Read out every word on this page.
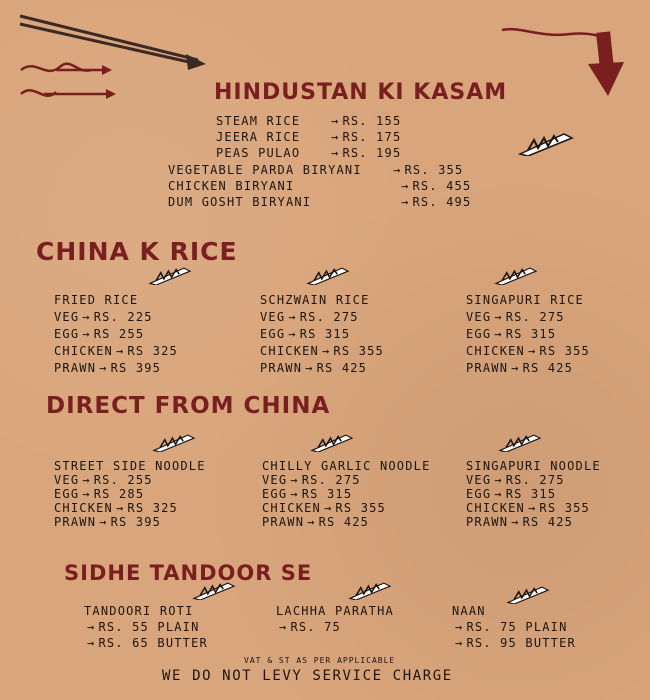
HINDUSTAN KI KASAM
STEAM RICE	→ RS. 155
JEERA RICE	→ RS. 175
PEAS PULAO	→ RS. 195
VEGETABLE PARDA BIRYANI	→ RS. 355
CHICKEN BIRYANI	→ RS. 455
DUM GOSHT BIRYANI	→ RS. 495
CHINA K RICE
FRIED RICE
VEG → RS. 225
EGG → RS 255
CHICKEN → RS 325
PRAWN → RS 395
SCHZWAIN RICE
VEG → RS. 275
EGG → RS 315
CHICKEN → RS 355
PRAWN → RS 425
SINGAPURI RICE
VEG → RS. 275
EGG → RS 315
CHICKEN → RS 355
PRAWN → RS 425
DIRECT FROM CHINA
STREET SIDE NOODLE
VEG → RS. 255
EGG → RS 285
CHICKEN → RS 325
PRAWN → RS 395
CHILLY GARLIC NOODLE
VEG → RS. 275
EGG → RS 315
CHICKEN → RS 355
PRAWN → RS 425
SINGAPURI NOODLE
VEG → RS. 275
EGG → RS 315
CHICKEN → RS 355
PRAWN → RS 425
SIDHE TANDOOR SE
TANDOORI ROTI
→ RS. 55 PLAIN
→ RS. 65 BUTTER
LACHHA PARATHA
→ RS. 75
NAAN
→ RS. 75 PLAIN
→ RS. 95 BUTTER
VAT & ST AS PER APPLICABLE
WE DO NOT LEVY SERVICE CHARGE
